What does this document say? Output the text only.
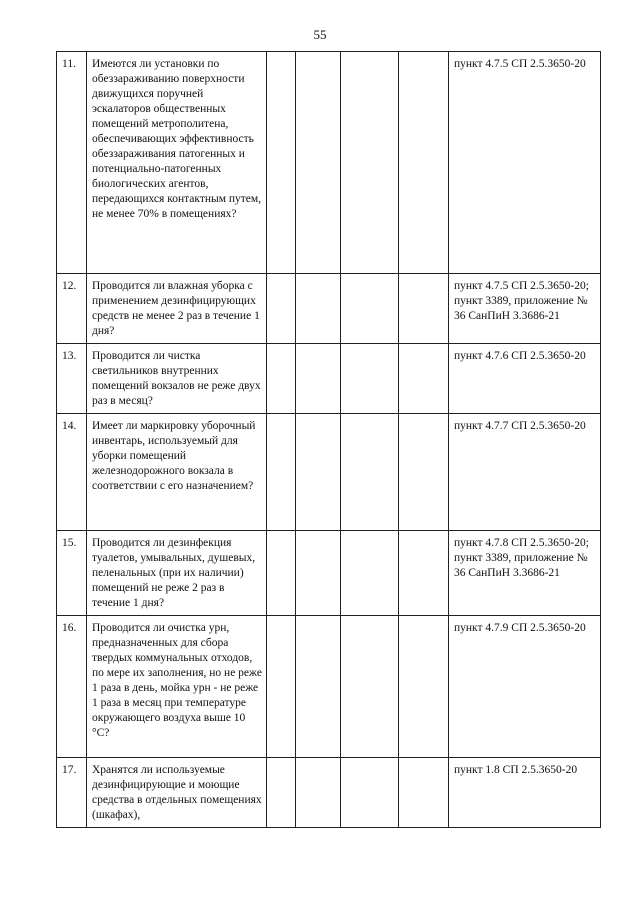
55
11.	Имеются ли установки по обеззараживанию поверхности движущихся поручней эскалаторов общественных помещений метрополитена, обеспечивающих эффективность обеззараживания патогенных и потенциально-патогенных биологических агентов, передающихся контактным путем, не менее 70% в помещениях?					пункт 4.7.5 СП 2.5.3650-20
12.	Проводится ли влажная уборка с применением дезинфицирующих средств не менее 2 раз в течение 1 дня?					пункт 4.7.5 СП 2.5.3650-20; пункт 3389, приложение № 36 СанПиН 3.3686-21
13.	Проводится ли чистка светильников внутренних помещений вокзалов не реже двух раз в месяц?					пункт 4.7.6 СП 2.5.3650-20
14.	Имеет ли маркировку уборочный инвентарь, используемый для уборки помещений железнодорожного вокзала в соответствии с его назначением?					пункт 4.7.7 СП 2.5.3650-20
15.	Проводится ли дезинфекция туалетов, умывальных, душевых, пеленальных (при их наличии) помещений не реже 2 раз в течение 1 дня?					пункт 4.7.8 СП 2.5.3650-20; пункт 3389, приложение № 36 СанПиН 3.3686-21
16.	Проводится ли очистка урн, предназначенных для сбора твердых коммунальных отходов, по мере их заполнения, но не реже 1 раза в день, мойка урн - не реже 1 раза в месяц при температуре окружающего воздуха выше 10 °С?					пункт 4.7.9 СП 2.5.3650-20
17.	Хранятся ли используемые дезинфицирующие и моющие средства в отдельных помещениях (шкафах),					пункт 1.8 СП 2.5.3650-20
